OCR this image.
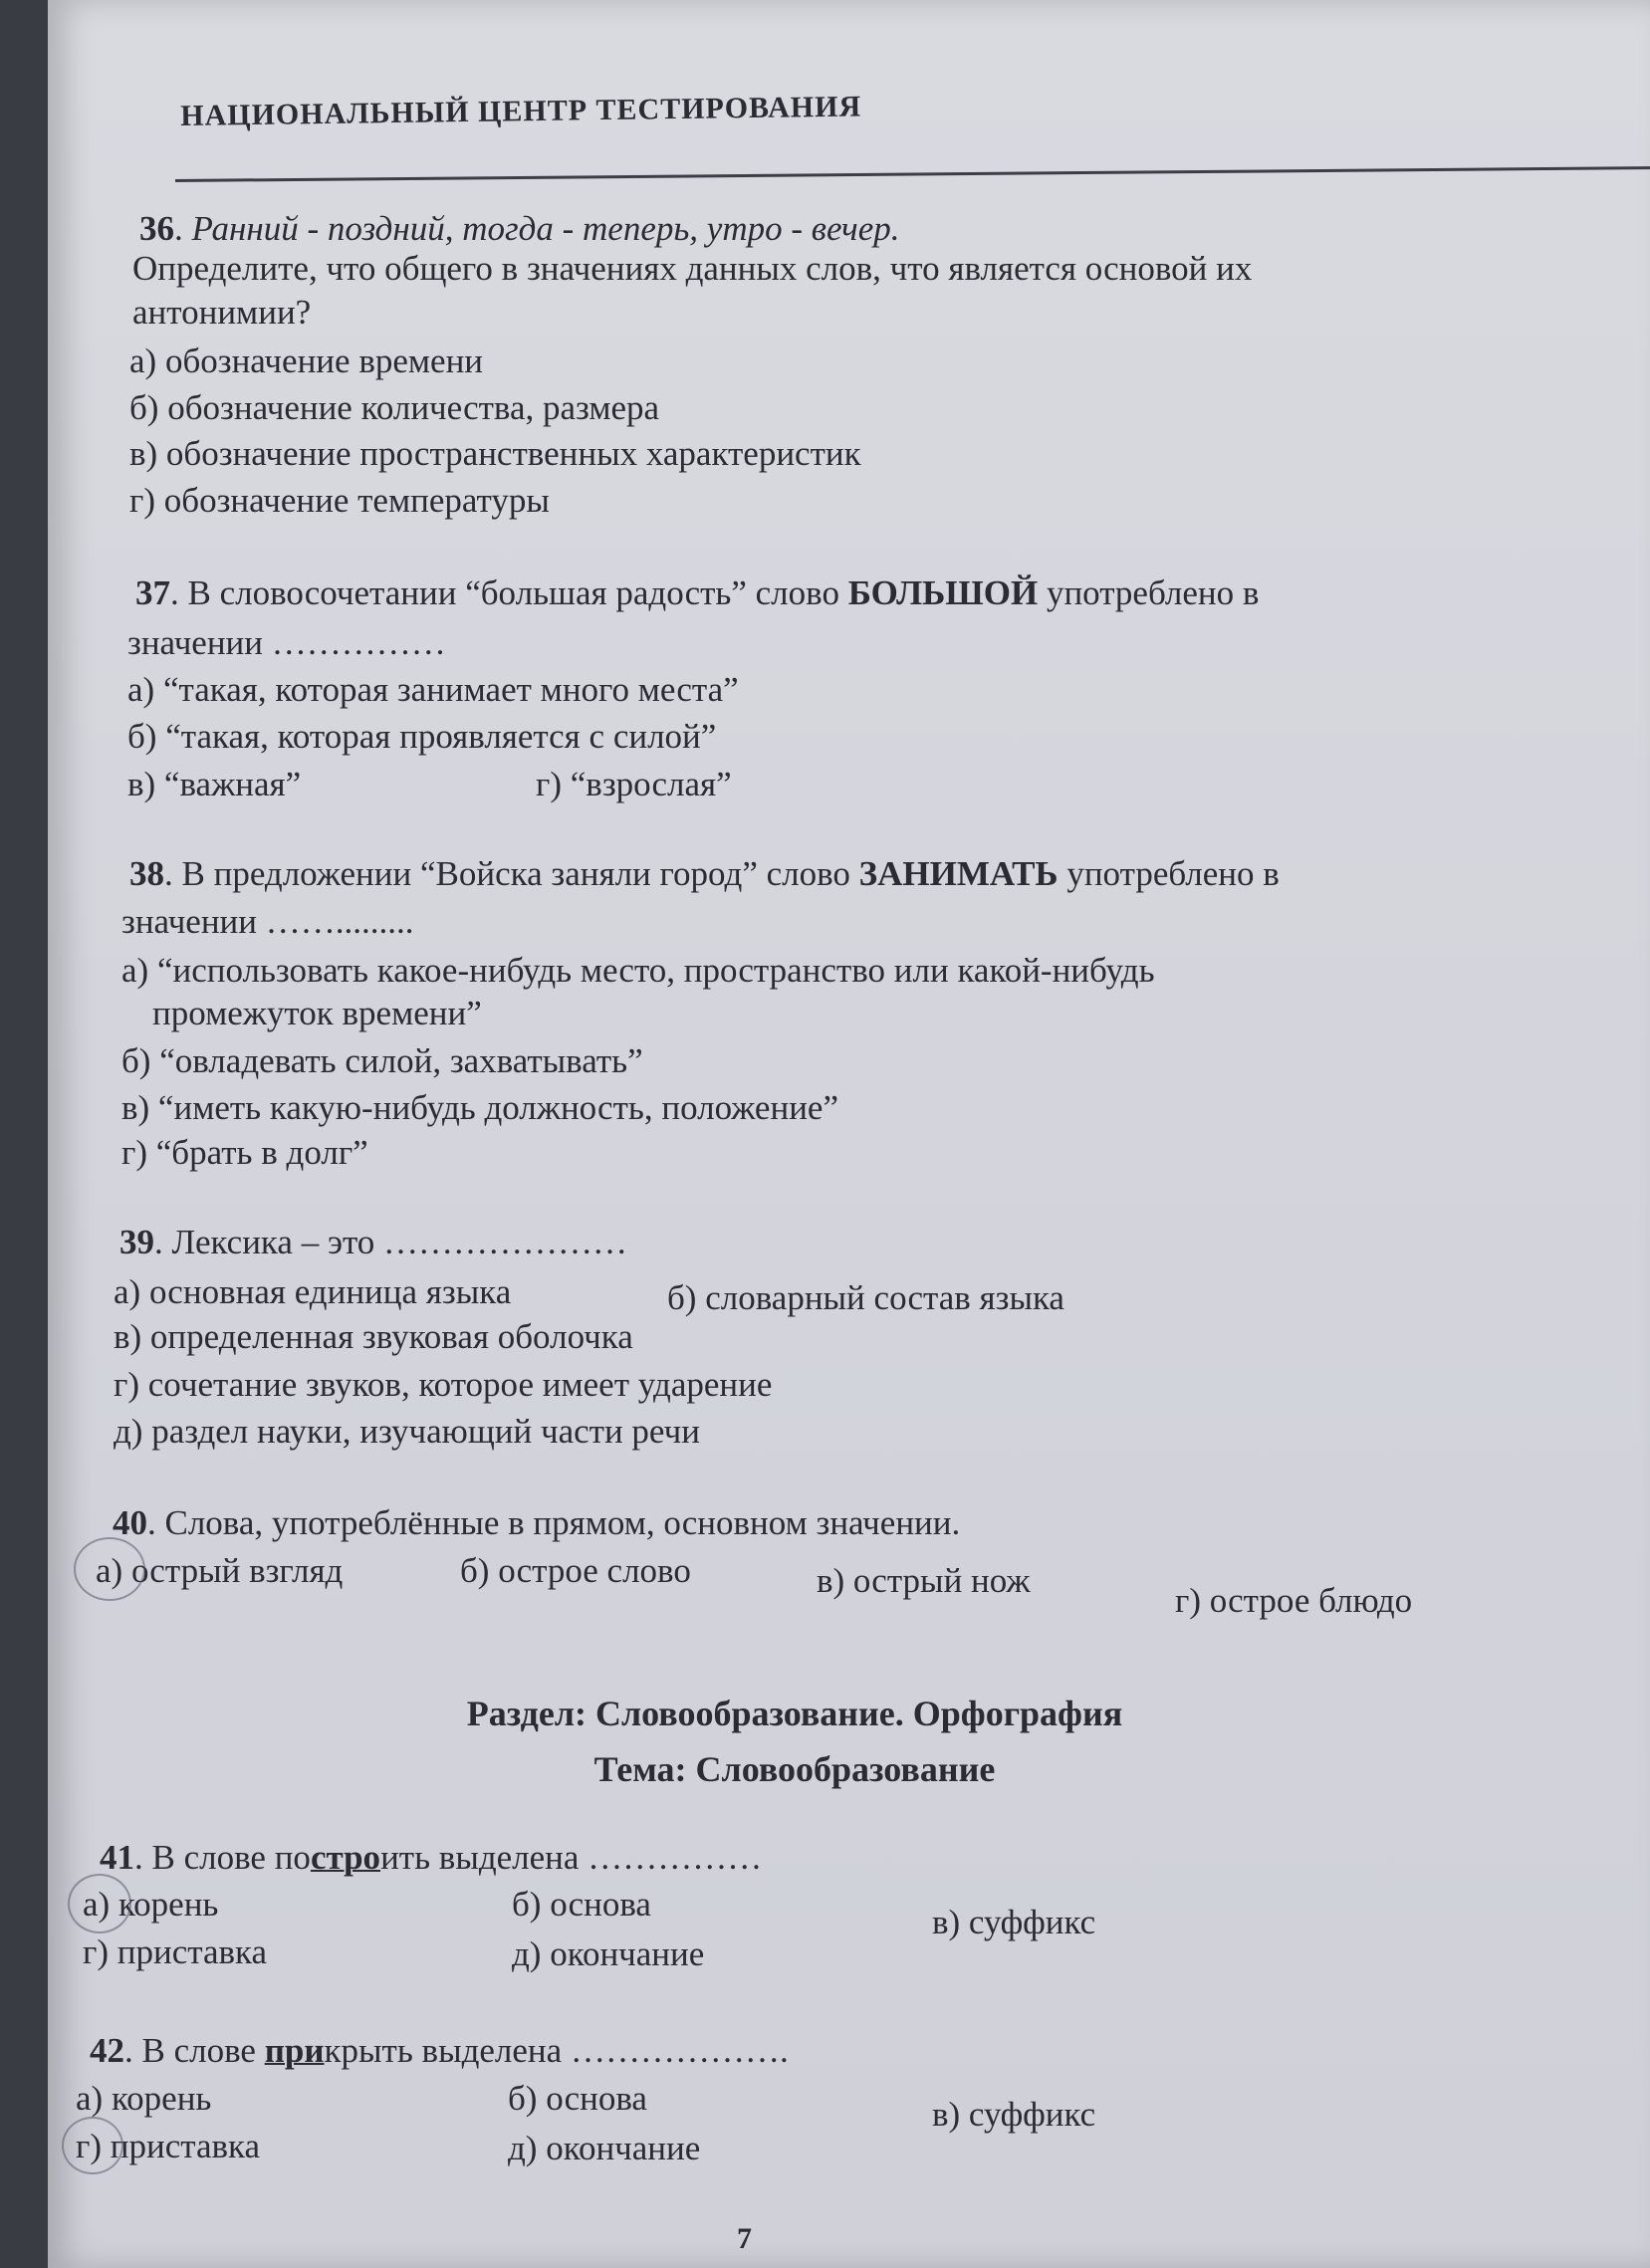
НАЦИОНАЛЬНЫЙ ЦЕНТР ТЕСТИРОВАНИЯ
36. Ранний - поздний, тогда - теперь, утро - вечер.
Определите, что общего в значениях данных слов, что является основой их
антонимии?
а) обозначение времени
б) обозначение количества, размера
в) обозначение пространственных характеристик
г) обозначение температуры
37. В словосочетании “большая радость” слово БОЛЬШОЙ употреблено в
значении ……………
а) “такая, которая занимает много места”
б) “такая, которая проявляется с силой”
в) “важная”	г) “взрослая”
38. В предложении “Войска заняли город” слово ЗАНИМАТЬ употреблено в
значении …….........
а) “использовать какое-нибудь место, пространство или какой-нибудь
промежуток времени”
б) “овладевать силой, захватывать”
в) “иметь какую-нибудь должность, положение”
г) “брать в долг”
39. Лексика – это …………………
а) основная единица языка	б) словарный состав языка
в) определенная звуковая оболочка
г) сочетание звуков, которое имеет ударение
д) раздел науки, изучающий части речи
40. Слова, употреблённые в прямом, основном значении.
а) острый взгляд	б) острое слово	в) острый нож
г) острое блюдо
Раздел: Словообразование. Орфография
Тема: Словообразование
41. В слове построить выделена ……………
а) корень	б) основа	в) суффикс
г) приставка	д) окончание
42. В слове прикрыть выделена ……………….
а) корень	б) основа	в) суффикс
г) приставка	д) окончание
7
